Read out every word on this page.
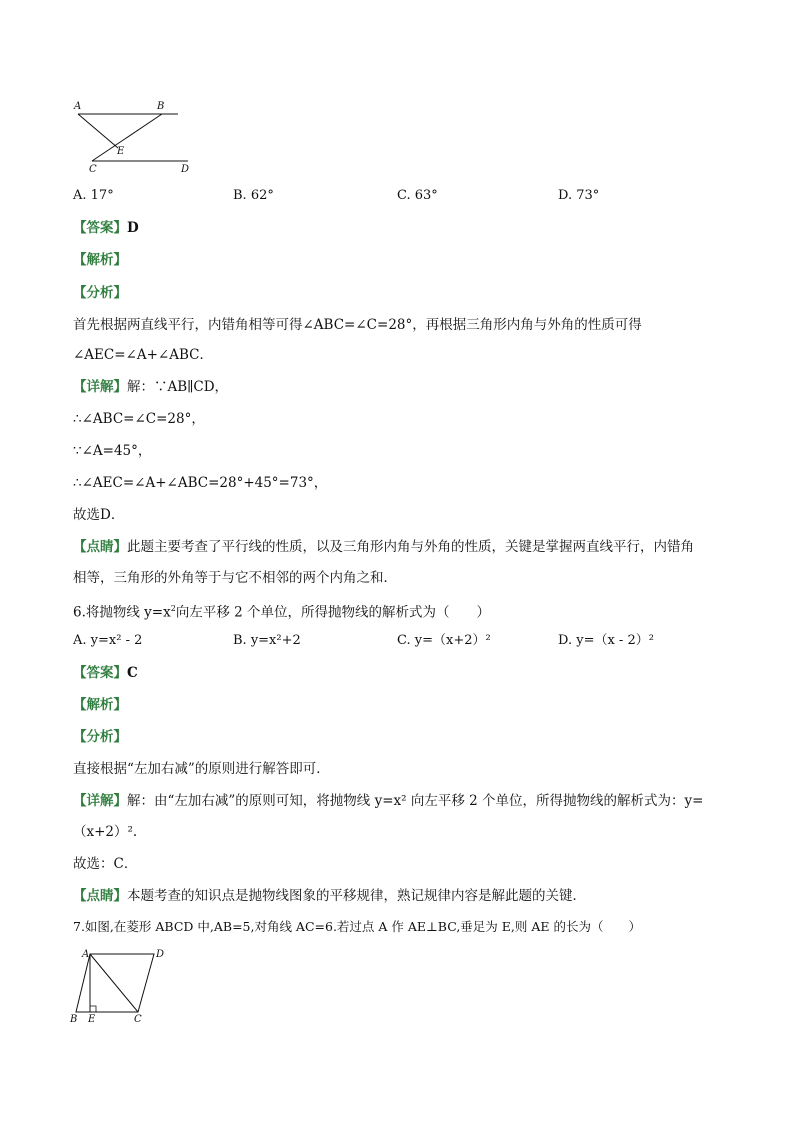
A	B
E
C	D
A. 17°	B. 62°	C. 63°	D. 73°
【答案】D
【解析】
【分析】
首先根据两直线平行，内错角相等可得∠ABC=∠C=28°，再根据三角形内角与外角的性质可得
∠AEC=∠A+∠ABC．
【详解】解：∵AB∥CD，
∴∠ABC=∠C=28°，
∵∠A=45°，
∴∠AEC=∠A+∠ABC=28°+45°=73°，
故选D．
【点睛】此题主要考查了平行线的性质，以及三角形内角与外角的性质，关键是掌握两直线平行，内错角
相等，三角形的外角等于与它不相邻的两个内角之和．
6.将抛物线 $y=x^2$向左平移 2 个单位，所得抛物线的解析式为（　　）
A. y=x² - 2	B. y=x²+2	C. y=（x+2）²	D. y=（x - 2）²
【答案】C
【解析】
【分析】
直接根据“左加右减”的原则进行解答即可．
【详解】解：由“左加右减”的原则可知，将抛物线 y=x² 向左平移 2 个单位，所得抛物线的解析式为：y=
（x+2）².
故选：C．
【点睛】本题考查的知识点是抛物线图象的平移规律，熟记规律内容是解此题的关键．
7.如图,在菱形 ABCD 中,AB=5,对角线 AC=6.若过点 A 作 AE⊥BC,垂足为 E,则 AE 的长为（　　）
A	D
B E	C
